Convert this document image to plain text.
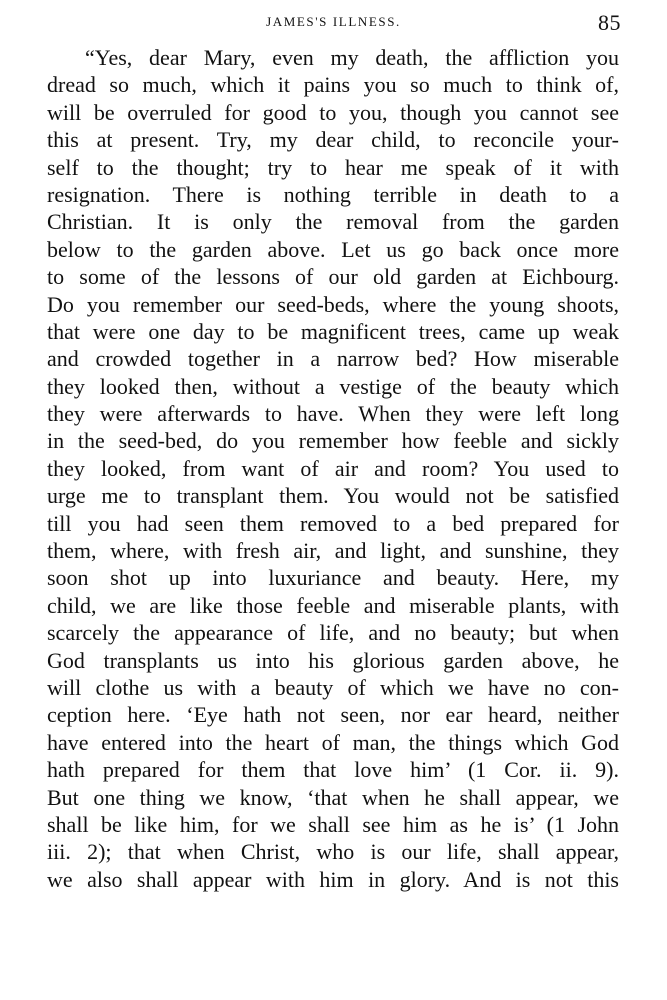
JAMES'S ILLNESS.	85
“Yes, dear Mary, even my death, the affliction you
dread so much, which it pains you so much to think of,
will be overruled for good to you, though you cannot see
this at present. Try, my dear child, to reconcile your-
self to the thought; try to hear me speak of it with
resignation. There is nothing terrible in death to a
Christian. It is only the removal from the garden
below to the garden above. Let us go back once more
to some of the lessons of our old garden at Eichbourg.
Do you remember our seed-beds, where the young shoots,
that were one day to be magnificent trees, came up weak
and crowded together in a narrow bed? How miserable
they looked then, without a vestige of the beauty which
they were afterwards to have. When they were left long
in the seed-bed, do you remember how feeble and sickly
they looked, from want of air and room? You used to
urge me to transplant them. You would not be satisfied
till you had seen them removed to a bed prepared for
them, where, with fresh air, and light, and sunshine, they
soon shot up into luxuriance and beauty. Here, my
child, we are like those feeble and miserable plants, with
scarcely the appearance of life, and no beauty; but when
God transplants us into his glorious garden above, he
will clothe us with a beauty of which we have no con-
ception here. ‘Eye hath not seen, nor ear heard, neither
have entered into the heart of man, the things which God
hath prepared for them that love him’ (1 Cor. ii. 9).
But one thing we know, ‘that when he shall appear, we
shall be like him, for we shall see him as he is’ (1 John
iii. 2); that when Christ, who is our life, shall appear,
we also shall appear with him in glory. And is not this
